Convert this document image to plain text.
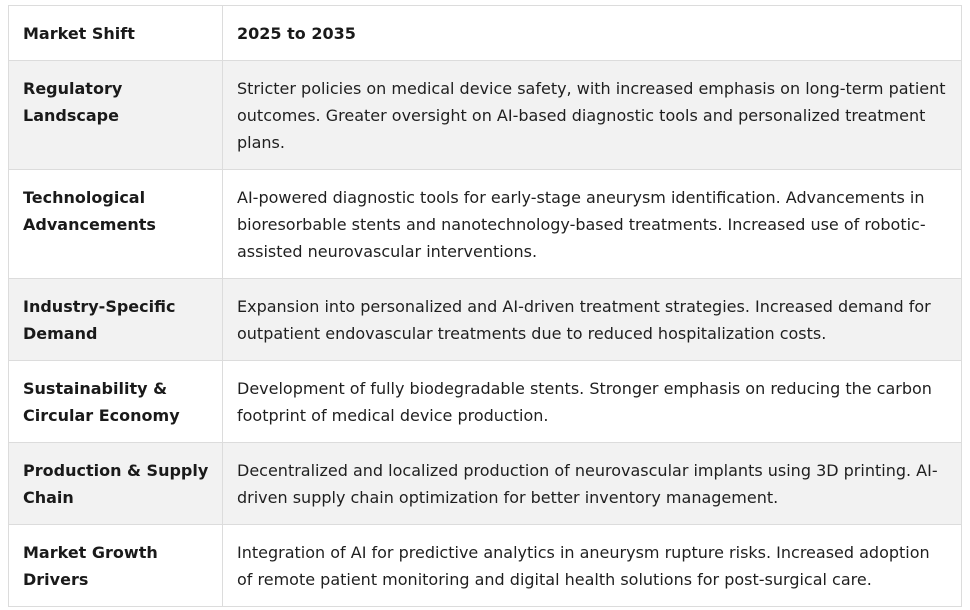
Market Shift	2025 to 2035
Regulatory Landscape	Stricter policies on medical device safety, with increased emphasis on long-term patient outcomes. Greater oversight on AI-based diagnostic tools and personalized treatment plans.
Technological Advancements	AI-powered diagnostic tools for early-stage aneurysm identification. Advancements in bioresorbable stents and nanotechnology-based treatments. Increased use of robotic-assisted neurovascular interventions.
Industry-Specific Demand	Expansion into personalized and AI-driven treatment strategies. Increased demand for outpatient endovascular treatments due to reduced hospitalization costs.
Sustainability & Circular Economy	Development of fully biodegradable stents. Stronger emphasis on reducing the carbon footprint of medical device production.
Production & Supply Chain	Decentralized and localized production of neurovascular implants using 3D printing. AI-driven supply chain optimization for better inventory management.
Market Growth Drivers	Integration of AI for predictive analytics in aneurysm rupture risks. Increased adoption of remote patient monitoring and digital health solutions for post-surgical care.
